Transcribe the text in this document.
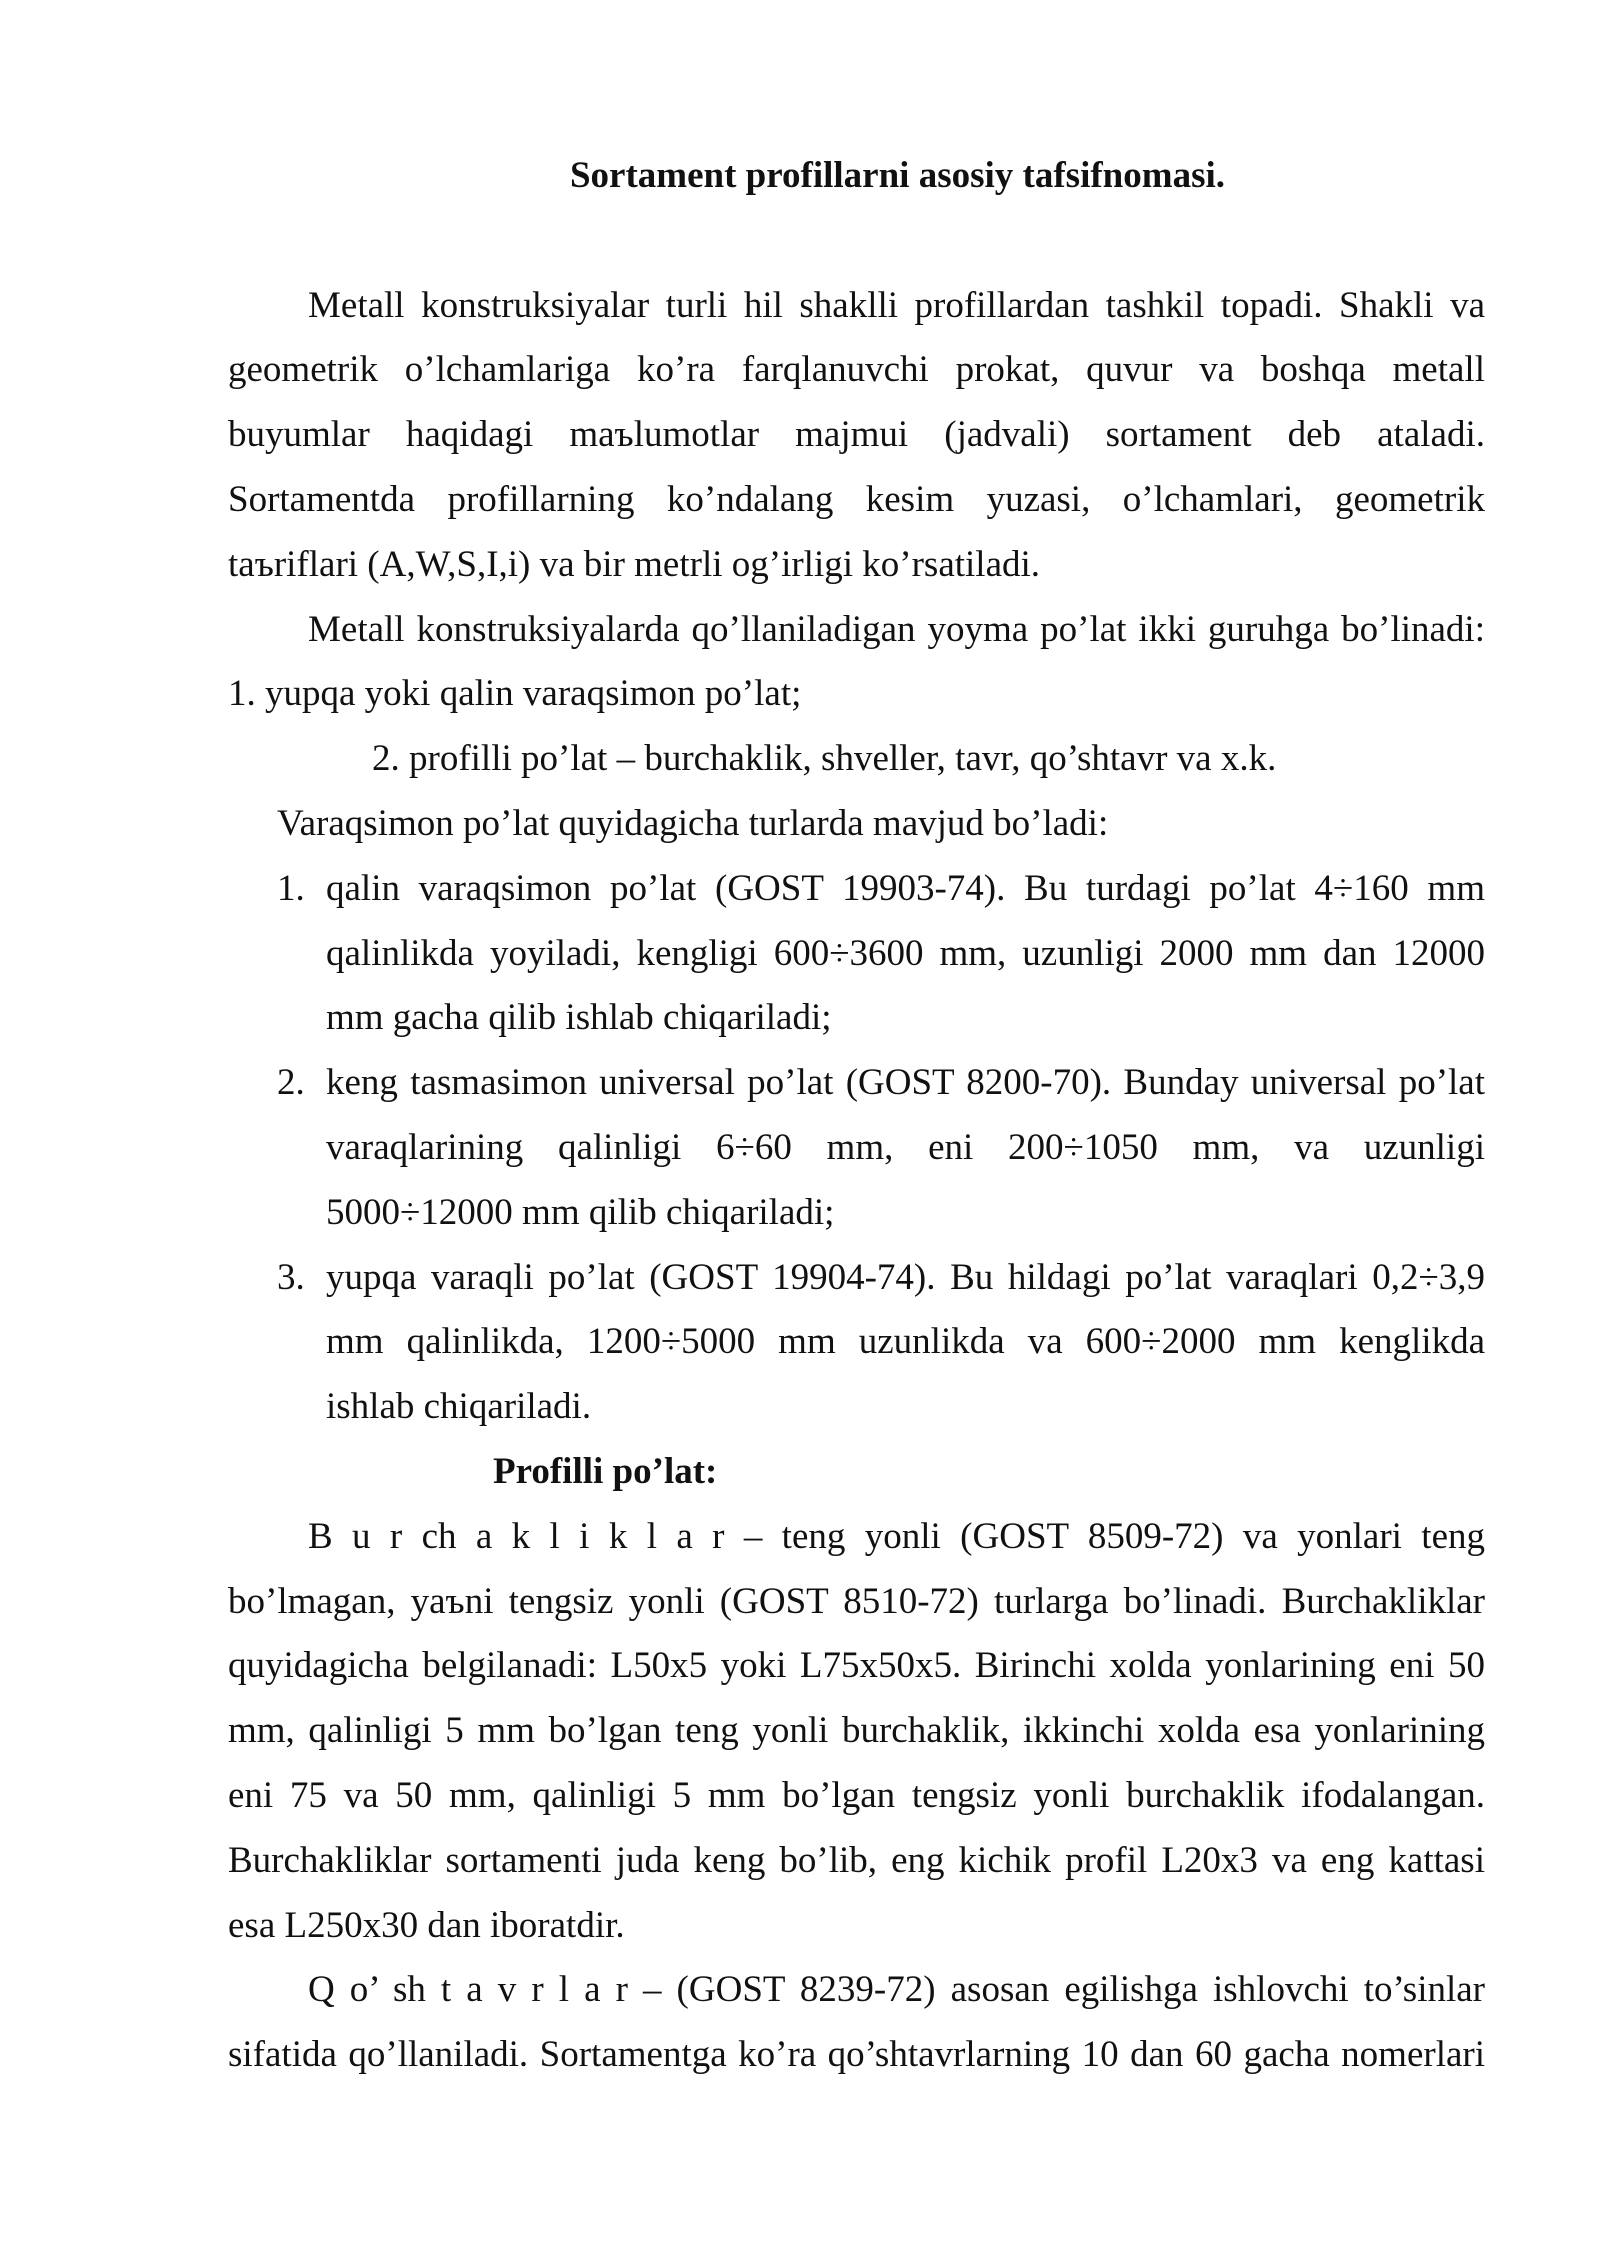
Sortament profillarni asosiy tafsifnomasi.
Metall konstruksiyalar turli hil shaklli profillardan tashkil topadi. Shakli va
geometrik o’lchamlariga ko’ra farqlanuvchi prokat, quvur va boshqa metall
buyumlar haqidagi maъlumotlar majmui (jadvali) sortament deb ataladi.
Sortamentda profillarning ko’ndalang kesim yuzasi, o’lchamlari, geometrik
taъriflari (A,W,S,I,i) va bir metrli og’irligi ko’rsatiladi.
Metall konstruksiyalarda qo’llaniladigan yoyma po’lat ikki guruhga bo’linadi:
1. yupqa yoki qalin varaqsimon po’lat;
2. profilli po’lat – burchaklik, shveller, tavr, qo’shtavr va x.k.
Varaqsimon po’lat quyidagicha turlarda mavjud bo’ladi:
1. qalin varaqsimon po’lat (GOST 19903-74). Bu turdagi po’lat 4÷160 mm
qalinlikda yoyiladi, kengligi 600÷3600 mm, uzunligi 2000 mm dan 12000
mm gacha qilib ishlab chiqariladi;
2. keng tasmasimon universal po’lat (GOST 8200-70). Bunday universal po’lat
varaqlarining qalinligi 6÷60 mm, eni 200÷1050 mm, va uzunligi
5000÷12000 mm qilib chiqariladi;
3. yupqa varaqli po’lat (GOST 19904-74). Bu hildagi po’lat varaqlari 0,2÷3,9
mm qalinlikda, 1200÷5000 mm uzunlikda va 600÷2000 mm kenglikda
ishlab chiqariladi.
Profilli po’lat:
B u r ch a k l i k l a r – teng yonli (GOST 8509-72) va yonlari teng
bo’lmagan, yaъni tengsiz yonli (GOST 8510-72) turlarga bo’linadi. Burchakliklar
quyidagicha belgilanadi: L50x5 yoki L75x50x5. Birinchi xolda yonlarining eni 50
mm, qalinligi 5 mm bo’lgan teng yonli burchaklik, ikkinchi xolda esa yonlarining
eni 75 va 50 mm, qalinligi 5 mm bo’lgan tengsiz yonli burchaklik ifodalangan.
Burchakliklar sortamenti juda keng bo’lib, eng kichik profil L20x3 va eng kattasi
esa L250x30 dan iboratdir.
Q o’ sh t a v r l a r – (GOST 8239-72) asosan egilishga ishlovchi to’sinlar
sifatida qo’llaniladi. Sortamentga ko’ra qo’shtavrlarning 10 dan 60 gacha nomerlari
